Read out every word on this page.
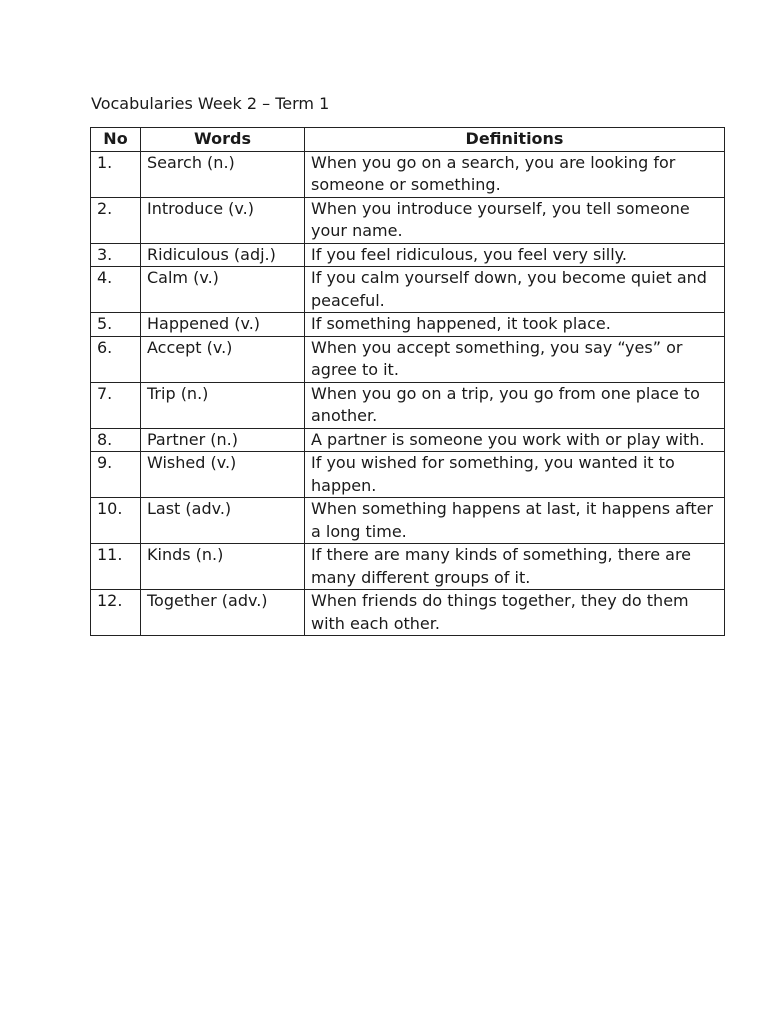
Vocabularies Week 2 – Term 1
No	Words	Definitions
1.	Search (n.)	When you go on a search, you are looking for someone or something.
2.	Introduce (v.)	When you introduce yourself, you tell someone your name.
3.	Ridiculous (adj.)	If you feel ridiculous, you feel very silly.
4.	Calm (v.)	If you calm yourself down, you become quiet and peaceful.
5.	Happened (v.)	If something happened, it took place.
6.	Accept (v.)	When you accept something, you say “yes” or agree to it.
7.	Trip (n.)	When you go on a trip, you go from one place to another.
8.	Partner (n.)	A partner is someone you work with or play with.
9.	Wished (v.)	If you wished for something, you wanted it to happen.
10.	Last (adv.)	When something happens at last, it happens after a long time.
11.	Kinds (n.)	If there are many kinds of something, there are many different groups of it.
12.	Together (adv.)	When friends do things together, they do them with each other.
